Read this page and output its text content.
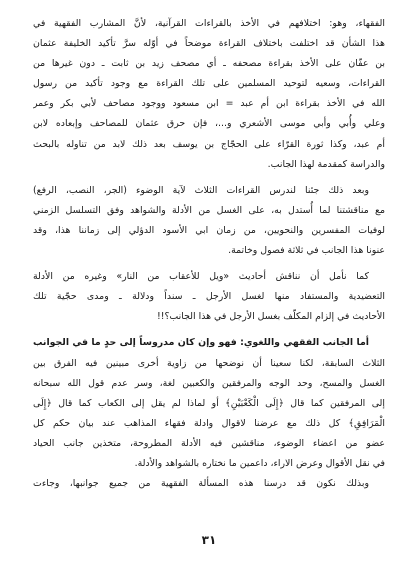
الفقهاء، وهو: اختلافهم في الأخذ بالقراءات القرآنية، لأنَّ المشارب الفقهية في
هذا الشأن قد اختلفت باختلاف القراءة موضحاً في أوّله سرَّ تأكيد الخليفة عثمان
بن عفّان على الأخذ بقراءة مصحفه ـ أي مصحف زيد بن ثابت ـ دون غيرها من
القراءات، وسعيه لتوحيد المسلمين على تلك القراءة مع وجود تأكيد من رسول
الله في الأخذ بقراءة ابن أم عبد = ابن مسعود ووجود مصاحف لأبي بكر وعمر
وعلي وأُبي وأبي موسى الأشعري و...، فإن حرق عثمان للمصاحف وإبعاده لابن
أم عبد، وكذا ثورة القرّاء على الحجّاج بن يوسف بعد ذلك لابد من تناوله بالبحث
والدراسة كمقدمة لهذا الجانب.
وبعد ذلك جئنا لندرس القراءات الثلاث لآية الوضوء (الجر، النصب، الرفع)
مع مناقشتنا لما أُستدل به، على الغسل من الأدلة والشواهد وفق التسلسل الزمني
لوفيات المفسرين والنحويين، من زمان ابي الأسود الدؤلي إلى زماننا هذا، وقد
عنونا هذا الجانب في ثلاثة فصول وخاتمة.
كما نأمل أن نناقش أحاديث «ويل للأعقاب من النار» وغيره من الأدلة
التعضيدية والمستفاد منها لغسل الأرجل ـ سنداً ودلالة ـ ومدى حجّية تلك
الأحاديث في إلزام المكلّف بغسل الأرجل في هذا الجانب؟!!
أما الجانب الفقهي واللغوي: فهو وإن كان مدروساً إلى حدٍ ما في الجوانب
الثلاث السابقة، لكنا سعينا أن نوضحها من زاوية أخرى مبينين فيه الفرق بين
الغسل والمسح، وحد الوجه والمرفقين والكعبين لغة، وسر عدم قول الله سبحانه
إلى المرفقين كما قال ﴿إِلَى الْكَعْبَيْنِ﴾ أو لماذا لم يقل إلى الكعاب كما قال ﴿إِلَى
الْمَرَافِقِ﴾ كل ذلك مع عرضنا لاقوال وادلة فقهاء المذاهب عند بيان حكم كل
عضو من اعضاء الوضوء، مناقشين فيه الأدلة المطروحة، متخذين جانب الحياد
في نقل الأقوال وعرض الاراء، داعمين ما نختاره بالشواهد والأدلة.
وبذلك نكون قد درسنا هذه المسألة الفقهية من جميع جوانبها، وجاءت
٣١
